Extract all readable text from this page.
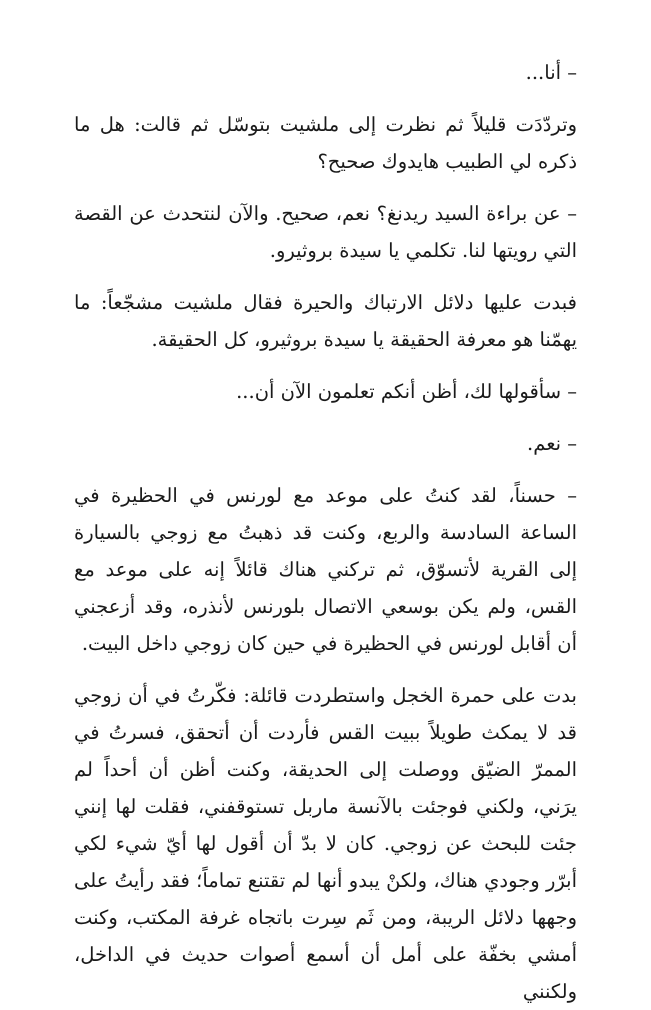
– أنا...

وتردّدَت قليلاً ثم نظرت إلى ملشيت بتوسّل ثم قالت: هل ما ذكره لي الطبيب هايدوك صحيح؟

– عن براءة السيد ريدنغ؟ نعم، صحيح. والآن لنتحدث عن القصة التي رويتها لنا. تكلمي يا سيدة بروثيرو.

فبدت عليها دلائل الارتباك والحيرة فقال ملشيت مشجّعاً: ما يهمّنا هو معرفة الحقيقة يا سيدة بروثيرو، كل الحقيقة.

– سأقولها لك، أظن أنكم تعلمون الآن أن...

– نعم.

– حسناً، لقد كنتُ على موعد مع لورنس في الحظيرة في الساعة السادسة والربع، وكنت قد ذهبتُ مع زوجي بالسيارة إلى القرية لأتسوّق، ثم تركني هناك قائلاً إنه على موعد مع القس، ولم يكن بوسعي الاتصال بلورنس لأنذره، وقد أزعجني أن أقابل لورنس في الحظيرة في حين كان زوجي داخل البيت.

بدت على حمرة الخجل واستطردت قائلة: فكّرتُ في أن زوجي قد لا يمكث طويلاً ببيت القس فأردت أن أتحقق، فسرتُ في الممرّ الضيّق ووصلت إلى الحديقة، وكنت أظن أن أحداً لم يرَني، ولكني فوجئت بالآنسة ماربل تستوقفني، فقلت لها إنني جئت للبحث عن زوجي. كان لا بدّ أن أقول لها أيّ شيء لكي أبرّر وجودي هناك، ولكنْ يبدو أنها لم تقتنع تماماً؛ فقد رأيتُ على وجهها دلائل الريبة، ومن ثَم سِرت باتجاه غرفة المكتب، وكنت أمشي بخفّة على أمل أن أسمع أصوات حديث في الداخل، ولكنني
